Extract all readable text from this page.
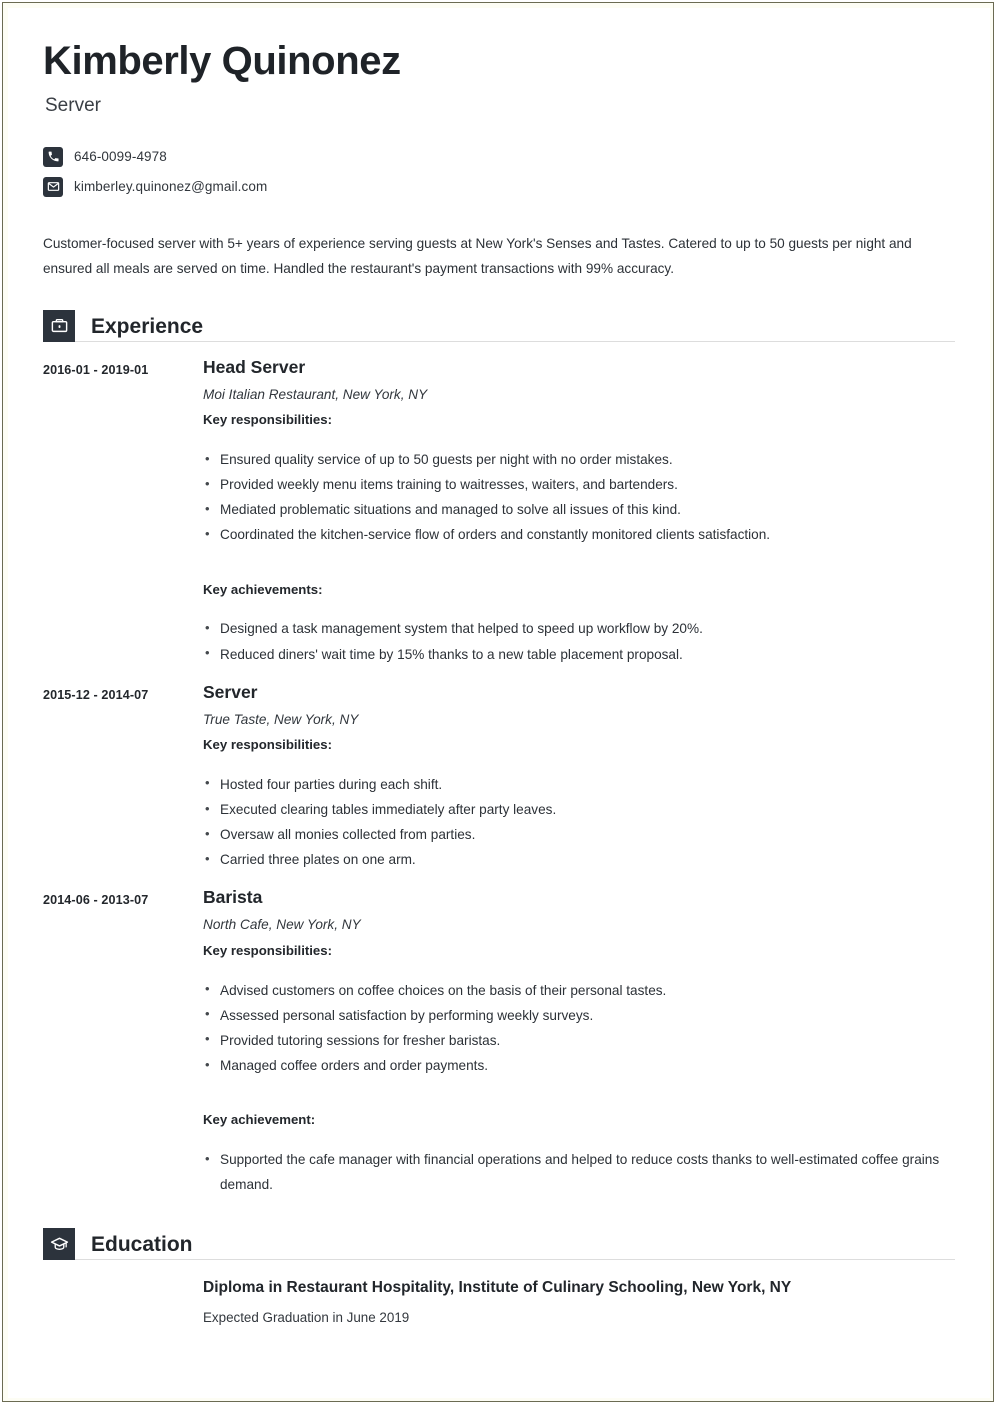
Kimberly Quinonez
Server
646-0099-4978
kimberley.quinonez@gmail.com
Customer-focused server with 5+ years of experience serving guests at New York's Senses and Tastes. Catered to up to 50 guests per night and ensured all meals are served on time. Handled the restaurant's payment transactions with 99% accuracy.
Experience
2016-01 - 2019-01	Head Server
Moi Italian Restaurant, New York, NY
Key responsibilities:
• Ensured quality service of up to 50 guests per night with no order mistakes.
• Provided weekly menu items training to waitresses, waiters, and bartenders.
• Mediated problematic situations and managed to solve all issues of this kind.
• Coordinated the kitchen-service flow of orders and constantly monitored clients satisfaction.
Key achievements:
• Designed a task management system that helped to speed up workflow by 20%.
• Reduced diners' wait time by 15% thanks to a new table placement proposal.
2015-12 - 2014-07	Server
True Taste, New York, NY
Key responsibilities:
• Hosted four parties during each shift.
• Executed clearing tables immediately after party leaves.
• Oversaw all monies collected from parties.
• Carried three plates on one arm.
2014-06 - 2013-07	Barista
North Cafe, New York, NY
Key responsibilities:
• Advised customers on coffee choices on the basis of their personal tastes.
• Assessed personal satisfaction by performing weekly surveys.
• Provided tutoring sessions for fresher baristas.
• Managed coffee orders and order payments.
Key achievement:
• Supported the cafe manager with financial operations and helped to reduce costs thanks to well-estimated coffee grains demand.
Education
Diploma in Restaurant Hospitality, Institute of Culinary Schooling, New York, NY
Expected Graduation in June 2019
